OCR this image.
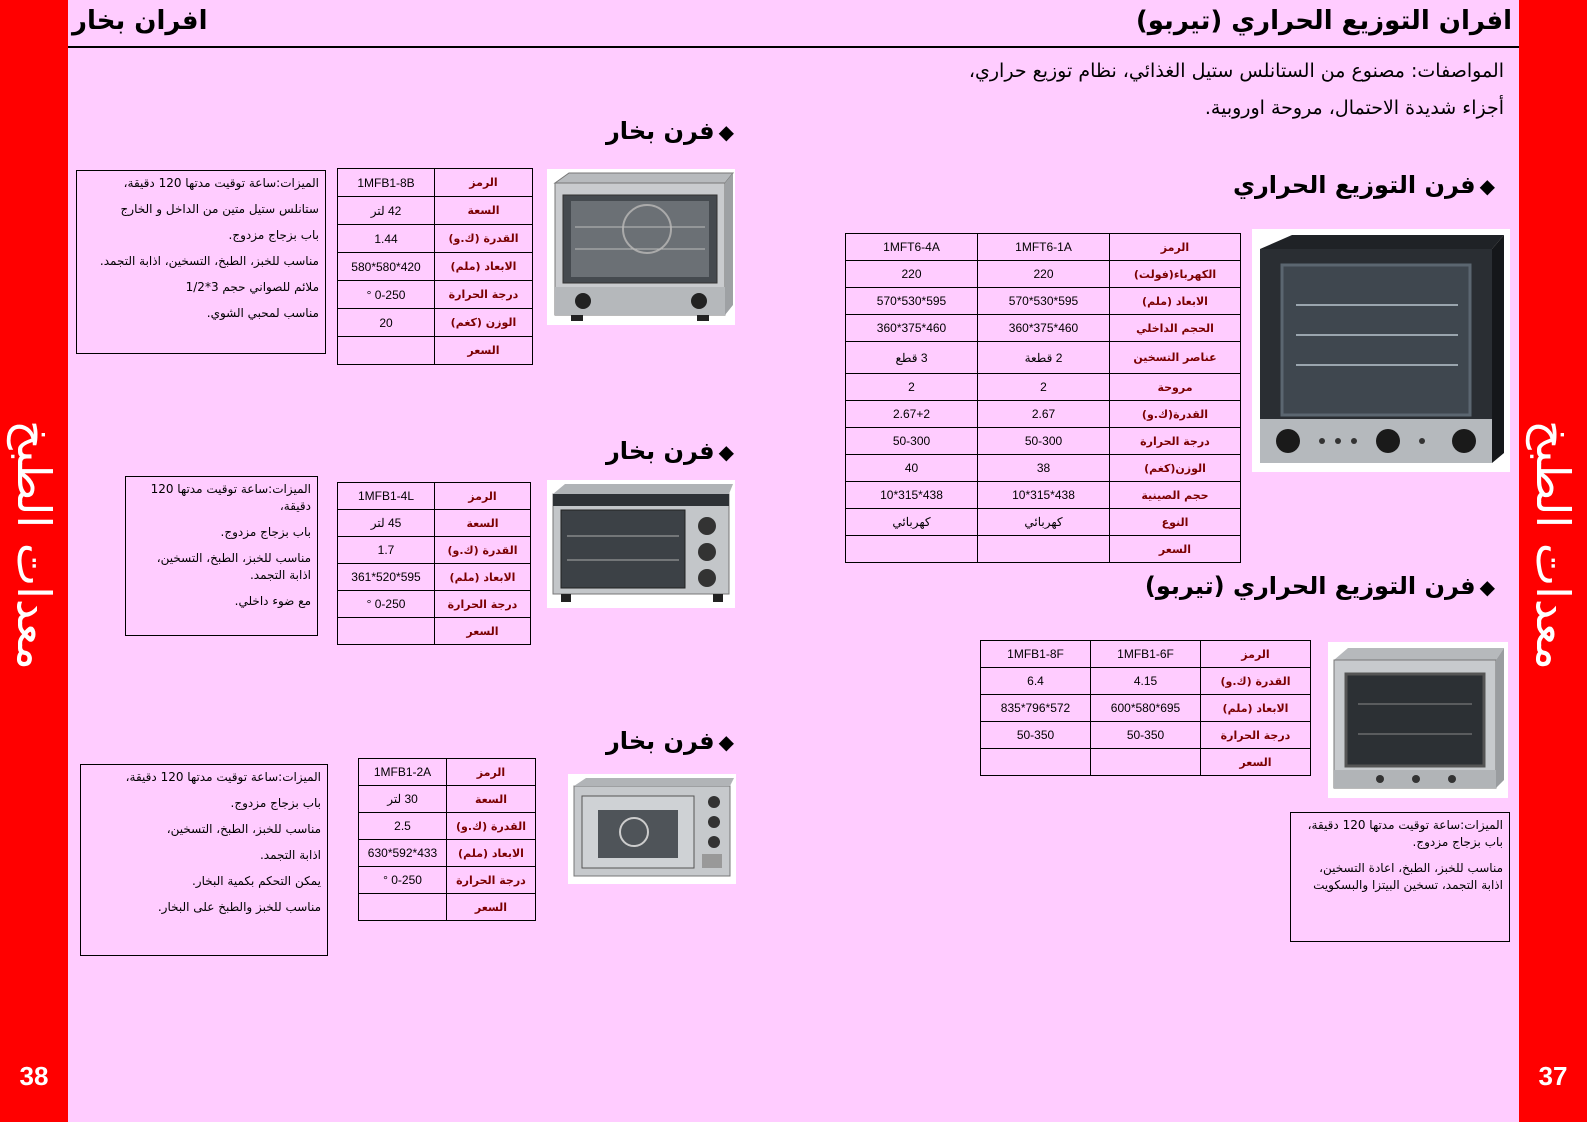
معدات الطبخ
38
معدات الطبخ
37
افران بخار	افران التوزيع الحراري (تيربو)
المواصفات: مصنوع من الستانلس ستيل الغذائي، نظام توزيع حراري،
أجزاء شديدة الاحتمال، مروحة اوروبية.
◆فرن بخار
الرمز	1MFB1-8B
السعة	42 لتر
القدرة (ك.و)	1.44
الابعاد (ملم)	420*580*580
درجة الحرارة	0-250 °
الوزن (كغم)	20
السعر	

الميزات:ساعة توقيت مدتها 120 دقيقة،

ستانلس ستيل متين من الداخل و الخارج

باب بزجاج مزدوج.

مناسب للخبز، الطبخ، التسخين، اذابة التجمد.

ملائم للصواني حجم 3*1/2

مناسب لمحبي الشوي.

◆فرن بخار
الرمز	1MFB1-4L
السعة	45 لتر
القدرة (ك.و)	1.7
الابعاد (ملم)	595*520*361
درجة الحرارة	0-250 °
السعر	

الميزات:ساعة توقيت مدتها 120 دقيقة،

باب بزجاج مزدوج.

مناسب للخبز، الطبخ، التسخين، اذابة التجمد.

مع ضوء داخلي.

◆فرن بخار
الرمز	1MFB1-2A
السعة	30 لتر
القدرة (ك.و)	2.5
الابعاد (ملم)	433*592*630
درجة الحرارة	0-250 °
السعر	

الميزات:ساعة توقيت مدتها 120 دقيقة،

باب بزجاج مزدوج.

مناسب للخبز، الطبخ، التسخين،

اذابة التجمد.

يمكن التحكم بكمية البخار.

مناسب للخبز والطبخ على البخار.

◆فرن التوزيع الحراري
الرمز	1MFT6-1A	1MFT6-4A
الكهرباء(فولت)	220	220
الابعاد (ملم)	595*530*570	595*530*570
الحجم الداخلي	460*375*360	460*375*360
عناصر التسخين	2 قطعة	3 قطع
مروحة	2	2
القدرة(ك.و)	2.67	2.67+2
درجة الحرارة	50-300	50-300
الوزن(كغم)	38	40
حجم الصينية	438*315*10	438*315*10
النوع	كهربائي	كهربائي
السعر		
◆فرن التوزيع الحراري (تيربو)
الرمز	1MFB1-6F	1MFB1-8F
القدرة (ك.و)	4.15	6.4
الابعاد (ملم)	695*580*600	572*796*835
درجة الحرارة	50-350	50-350
السعر		

الميزات:ساعة توقيت مدتها 120 دقيقة، باب بزجاج مزدوج.

مناسب للخبز، الطبخ، اعادة التسخين، اذابة التجمد، تسخين البيتزا والبسكويت
